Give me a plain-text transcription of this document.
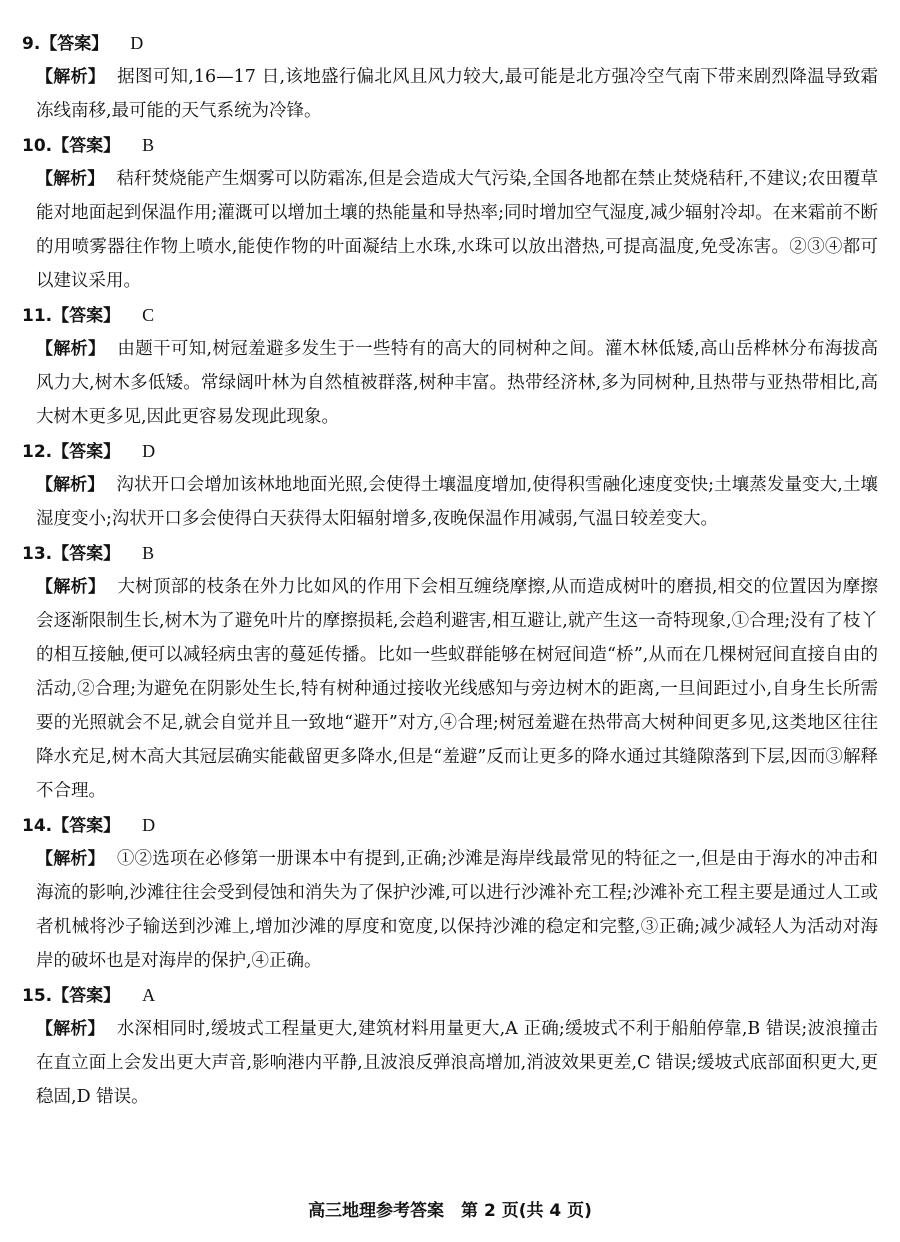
9. 【答案】 D
【解析】 据图可知,16—17 日,该地盛行偏北风且风力较大,最可能是北方强冷空气南下带来剧烈降温导致霜冻线南移,最可能的天气系统为冷锋。
10. 【答案】 B
【解析】 秸秆焚烧能产生烟雾可以防霜冻,但是会造成大气污染,全国各地都在禁止焚烧秸秆,不建议;农田覆草能对地面起到保温作用;灌溉可以增加土壤的热能量和导热率;同时增加空气湿度,减少辐射冷却。在来霜前不断的用喷雾器往作物上喷水,能使作物的叶面凝结上水珠,水珠可以放出潜热,可提高温度,免受冻害。②③④都可以建议采用。
11. 【答案】 C
【解析】 由题干可知,树冠羞避多发生于一些特有的高大的同树种之间。灌木林低矮,高山岳桦林分布海拔高风力大,树木多低矮。常绿阔叶林为自然植被群落,树种丰富。热带经济林,多为同树种,且热带与亚热带相比,高大树木更多见,因此更容易发现此现象。
12. 【答案】 D
【解析】 沟状开口会增加该林地地面光照,会使得土壤温度增加,使得积雪融化速度变快;土壤蒸发量变大,土壤湿度变小;沟状开口多会使得白天获得太阳辐射增多,夜晚保温作用减弱,气温日较差变大。
13. 【答案】 B
【解析】 大树顶部的枝条在外力比如风的作用下会相互缠绕摩擦,从而造成树叶的磨损,相交的位置因为摩擦会逐渐限制生长,树木为了避免叶片的摩擦损耗,会趋利避害,相互避让,就产生这一奇特现象,①合理;没有了枝丫的相互接触,便可以减轻病虫害的蔓延传播。比如一些蚁群能够在树冠间造“桥”,从而在几棵树冠间直接自由的活动,②合理;为避免在阴影处生长,特有树种通过接收光线感知与旁边树木的距离,一旦间距过小,自身生长所需要的光照就会不足,就会自觉并且一致地“避开”对方,④合理;树冠羞避在热带高大树种间更多见,这类地区往往降水充足,树木高大其冠层确实能截留更多降水,但是“羞避”反而让更多的降水通过其缝隙落到下层,因而③解释不合理。
14. 【答案】 D
【解析】 ①②选项在必修第一册课本中有提到,正确;沙滩是海岸线最常见的特征之一,但是由于海水的冲击和海流的影响,沙滩往往会受到侵蚀和消失为了保护沙滩,可以进行沙滩补充工程;沙滩补充工程主要是通过人工或者机械将沙子输送到沙滩上,增加沙滩的厚度和宽度,以保持沙滩的稳定和完整,③正确;减少减轻人为活动对海岸的破坏也是对海岸的保护,④正确。
15. 【答案】 A
【解析】 水深相同时,缓坡式工程量更大,建筑材料用量更大,A 正确;缓坡式不利于船舶停靠,B 错误;波浪撞击在直立面上会发出更大声音,影响港内平静,且波浪反弹浪高增加,消波效果更差,C 错误;缓坡式底部面积更大,更稳固,D 错误。
高三地理参考答案　第 2 页(共 4 页)
